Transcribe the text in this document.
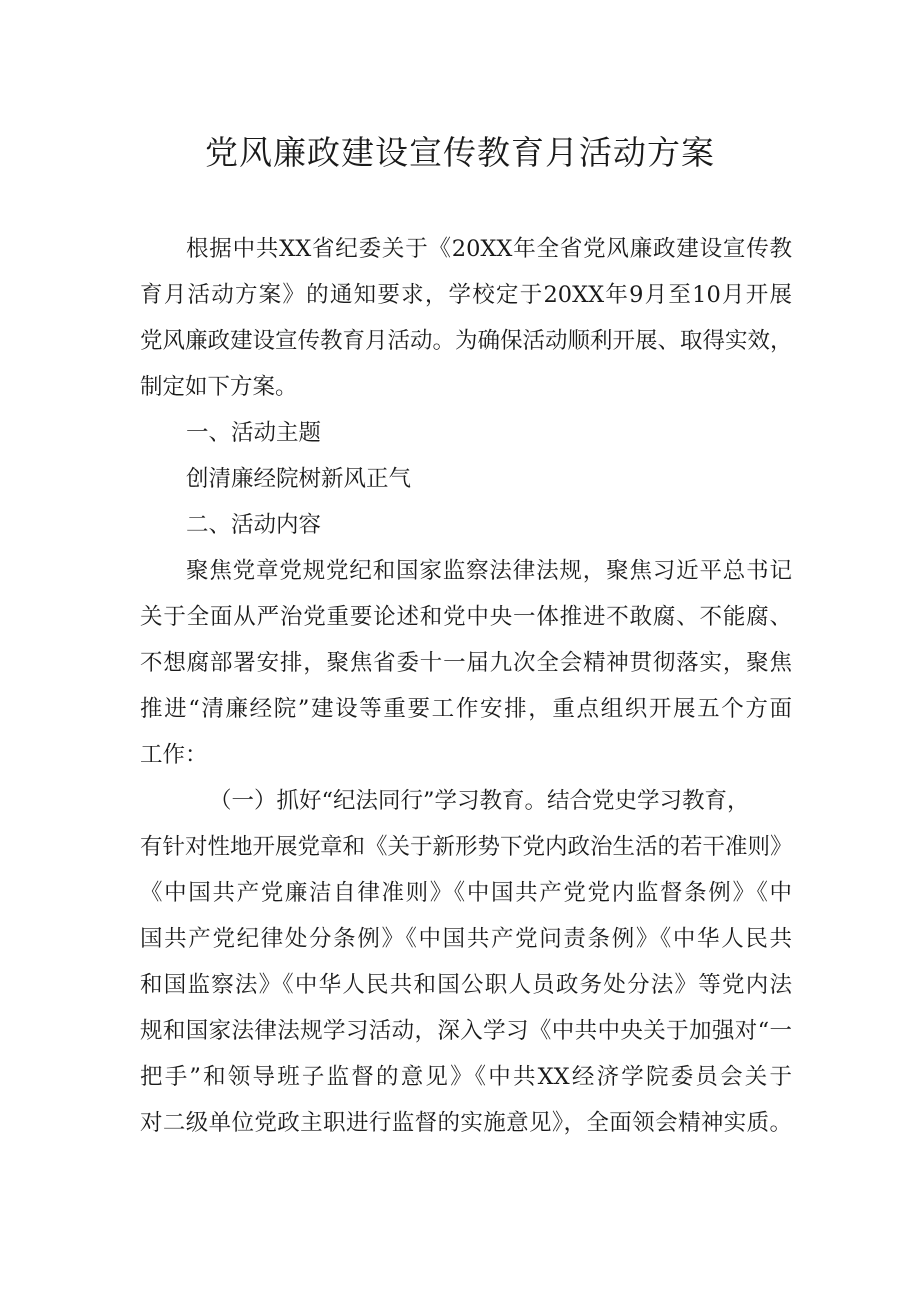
党风廉政建设宣传教育月活动方案
根据中共XX省纪委关于《20XX年全省党风廉政建设宣传教
育月活动方案》的通知要求，学校定于20XX年9月至10月开展
党风廉政建设宣传教育月活动。为确保活动顺利开展、取得实效，
制定如下方案。
一、活动主题
创清廉经院树新风正气
二、活动内容
聚焦党章党规党纪和国家监察法律法规，聚焦习近平总书记
关于全面从严治党重要论述和党中央一体推进不敢腐、不能腐、
不想腐部署安排，聚焦省委十一届九次全会精神贯彻落实，聚焦
推进“清廉经院”建设等重要工作安排，重点组织开展五个方面
工作：
（一）抓好“纪法同行”学习教育。结合党史学习教育，
有针对性地开展党章和《关于新形势下党内政治生活的若干准则》
《中国共产党廉洁自律准则》《中国共产党党内监督条例》《中
国共产党纪律处分条例》《中国共产党问责条例》《中华人民共
和国监察法》《中华人民共和国公职人员政务处分法》等党内法
规和国家法律法规学习活动，深入学习《中共中央关于加强对“一
把手”和领导班子监督的意见》《中共XX经济学院委员会关于
对二级单位党政主职进行监督的实施意见》，全面领会精神实质。
